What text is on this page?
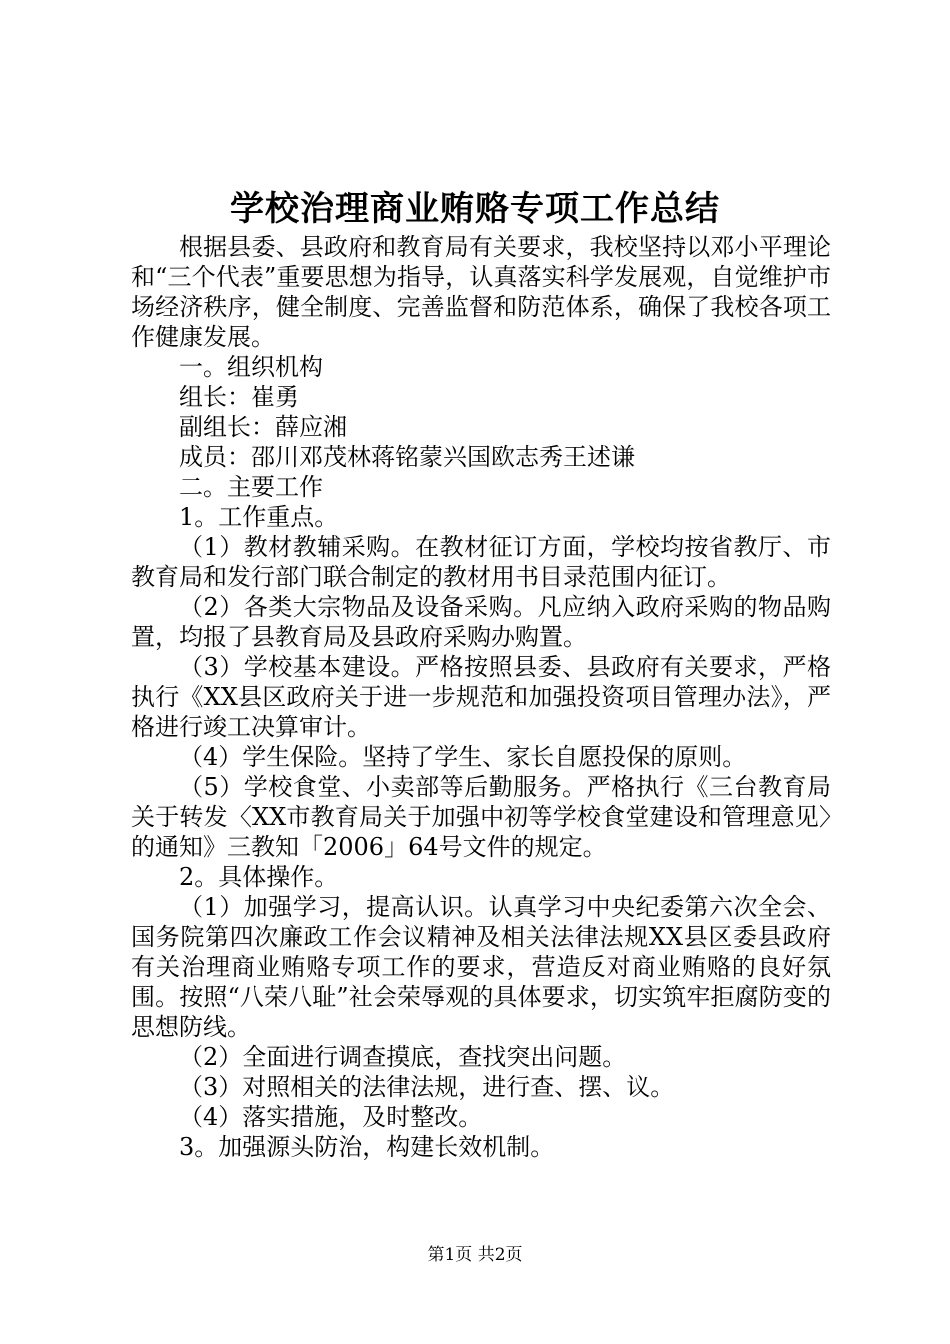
学校治理商业贿赂专项工作总结

根据县委、县政府和教育局有关要求，我校坚持以邓小平理论和“三个代表”重要思想为指导，认真落实科学发展观，自觉维护市场经济秩序，健全制度、完善监督和防范体系，确保了我校各项工作健康发展。

一。组织机构

组长：崔勇

副组长：薛应湘

成员：邵川邓茂林蒋铭蒙兴国欧志秀王述谦

二。主要工作

1。工作重点。

（1）教材教辅采购。在教材征订方面，学校均按省教厅、市教育局和发行部门联合制定的教材用书目录范围内征订。

（2）各类大宗物品及设备采购。凡应纳入政府采购的物品购置，均报了县教育局及县政府采购办购置。

（3）学校基本建设。严格按照县委、县政府有关要求，严格执行《XX县区政府关于进一步规范和加强投资项目管理办法》，严格进行竣工决算审计。

（4）学生保险。坚持了学生、家长自愿投保的原则。

（5）学校食堂、小卖部等后勤服务。严格执行《三台教育局关于转发〈XX市教育局关于加强中初等学校食堂建设和管理意见〉的通知》三教知「2006」64号文件的规定。

2。具体操作。

（1）加强学习，提高认识。认真学习中央纪委第六次全会、国务院第四次廉政工作会议精神及相关法律法规XX县区委县政府有关治理商业贿赂专项工作的要求，营造反对商业贿赂的良好氛围。按照“八荣八耻”社会荣辱观的具体要求，切实筑牢拒腐防变的思想防线。

（2）全面进行调查摸底，查找突出问题。

（3）对照相关的法律法规，进行查、摆、议。

（4）落实措施，及时整改。

3。加强源头防治，构建长效机制。

第1页 共2页
